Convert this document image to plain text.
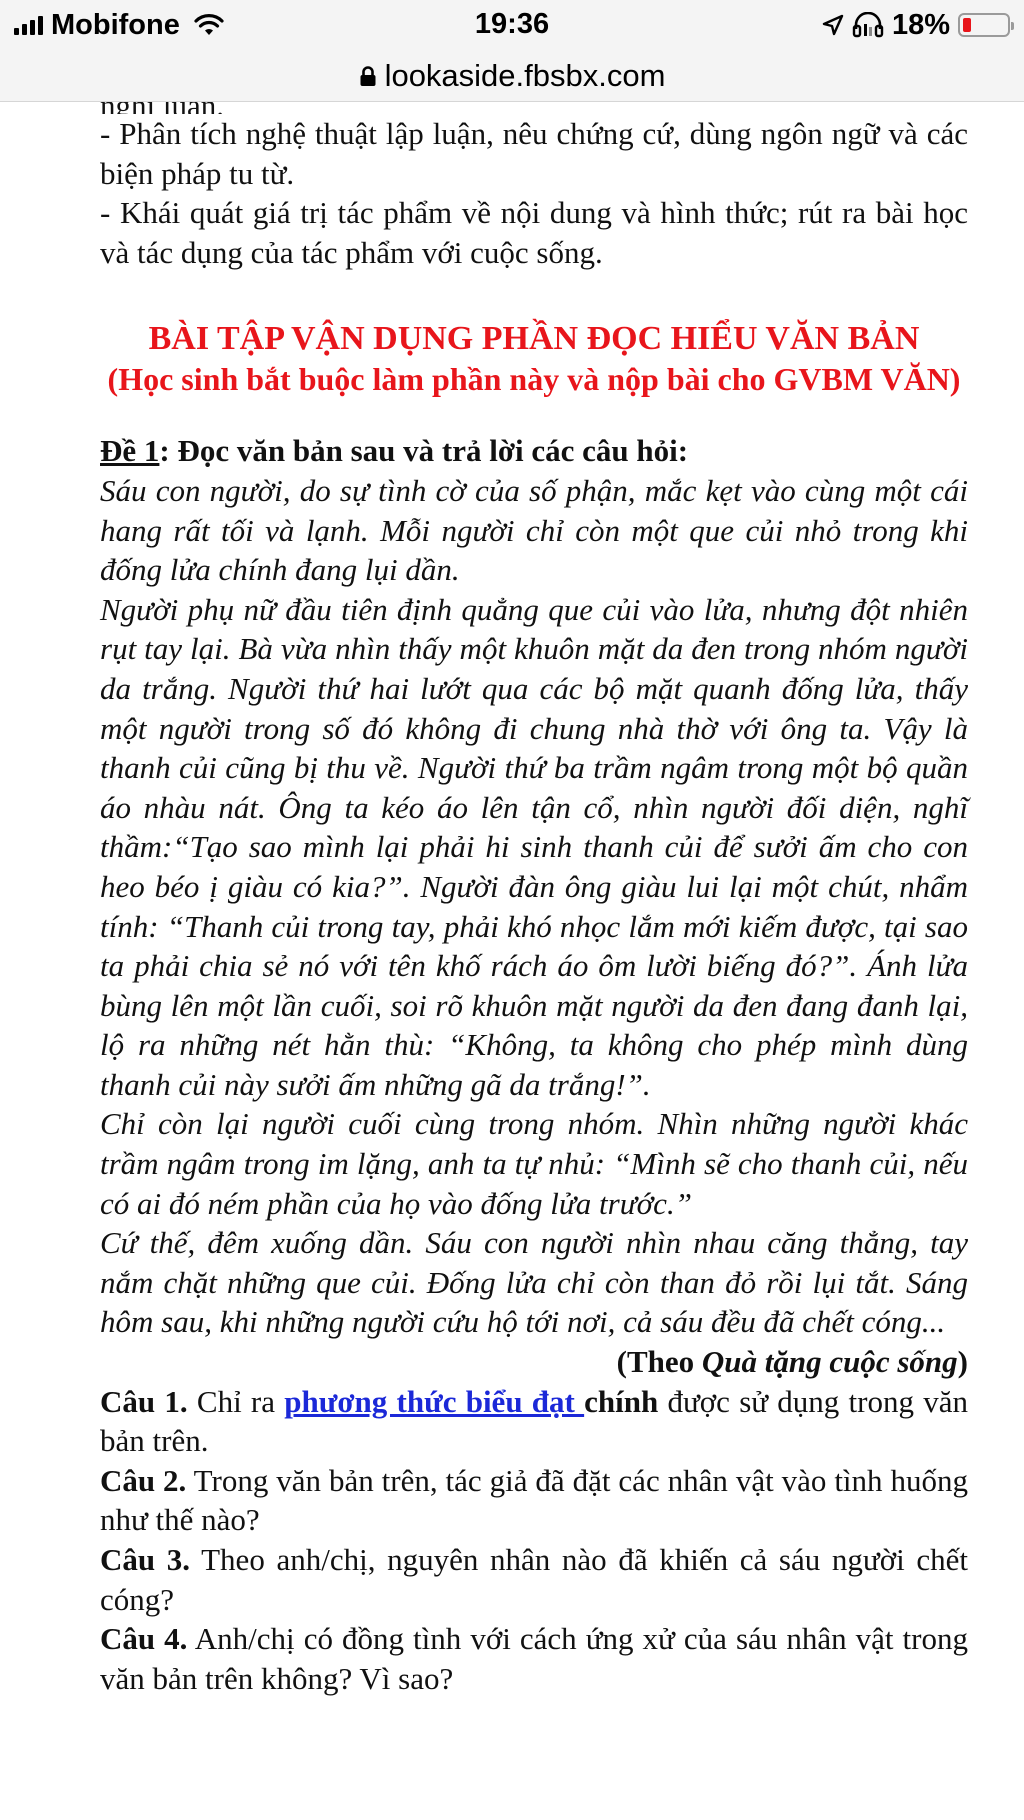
- Phân tích nghệ thuật lập luận, nêu chứng cứ, dùng ngôn ngữ và các biện pháp tu từ.

- Khái quát giá trị tác phẩm về nội dung và hình thức; rút ra bài học và tác dụng của tác phẩm với cuộc sống.

BÀI TẬP VẬN DỤNG PHẦN ĐỌC HIỂU VĂN BẢN

(Học sinh bắt buộc làm phần này và nộp bài cho GVBM VĂN)

Đề 1: Đọc văn bản sau và trả lời các câu hỏi:

Sáu con người, do sự tình cờ của số phận, mắc kẹt vào cùng một cái hang rất tối và lạnh. Mỗi người chỉ còn một que củi nhỏ trong khi đống lửa chính đang lụi dần.

Người phụ nữ đầu tiên định quẳng que củi vào lửa, nhưng đột nhiên rụt tay lại. Bà vừa nhìn thấy một khuôn mặt da đen trong nhóm người da trắng. Người thứ hai lướt qua các bộ mặt quanh đống lửa, thấy một người trong số đó không đi chung nhà thờ với ông ta. Vậy là thanh củi cũng bị thu về. Người thứ ba trầm ngâm trong một bộ quần áo nhàu nát. Ông ta kéo áo lên tận cổ, nhìn người đối diện, nghĩ thầm:“Tạo sao mình lại phải hi sinh thanh củi để sưởi ấm cho con heo béo ị giàu có kia?”. Người đàn ông giàu lui lại một chút, nhẩm tính: “Thanh củi trong tay, phải khó nhọc lắm mới kiếm được, tại sao ta phải chia sẻ nó với tên khố rách áo ôm lười biếng đó?”. Ánh lửa bùng lên một lần cuối, soi rõ khuôn mặt người da đen đang đanh lại, lộ ra những nét hằn thù: “Không, ta không cho phép mình dùng thanh củi này sưởi ấm những gã da trắng!”.

Chỉ còn lại người cuối cùng trong nhóm. Nhìn những người khác trầm ngâm trong im lặng, anh ta tự nhủ: “Mình sẽ cho thanh củi, nếu có ai đó ném phần của họ vào đống lửa trước.”

Cứ thế, đêm xuống dần. Sáu con người nhìn nhau căng thẳng, tay nắm chặt những que củi. Đống lửa chỉ còn than đỏ rồi lụi tắt. Sáng hôm sau, khi những người cứu hộ tới nơi, cả sáu đều đã chết cóng...

(Theo Quà tặng cuộc sống)

Câu 1. Chỉ ra phương thức biểu đạt chính được sử dụng trong văn bản trên.

Câu 2. Trong văn bản trên, tác giả đã đặt các nhân vật vào tình huống như thế nào?

Câu 3. Theo anh/chị, nguyên nhân nào đã khiến cả sáu người chết cóng?

Câu 4. Anh/chị có đồng tình với cách ứng xử của sáu nhân vật trong văn bản trên không? Vì sao?

Mobifone	19:36	18%
lookaside.fbsbx.com
